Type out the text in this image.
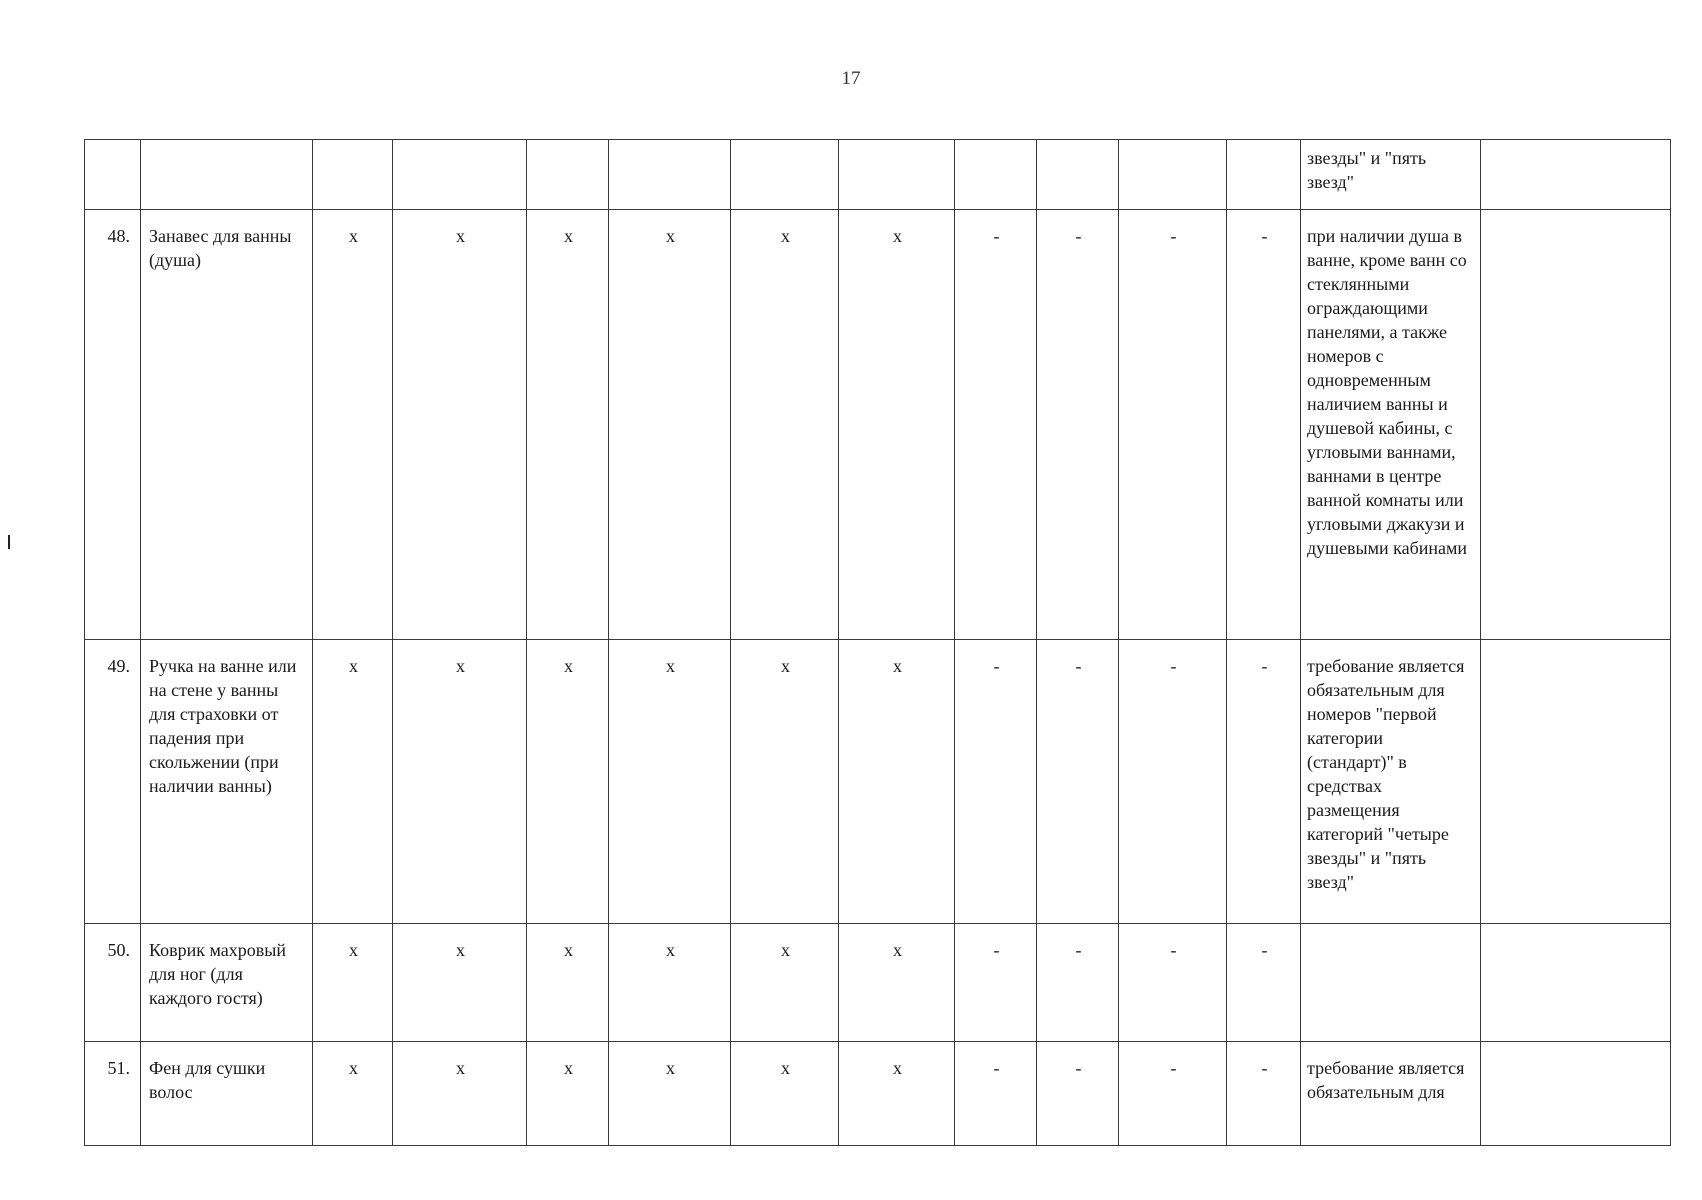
17
												звезды" и "пять звезд"	
48.	Занавес для ванны (душа)	x	x	x	x	x	x	-	-	-	-	при наличии душа в ванне, кроме ванн со стеклянными ограждающими панелями, а также номеров с одновременным наличием ванны и душевой кабины, с угловыми ваннами, ваннами в центре ванной комнаты или угловыми джакузи и душевыми кабинами	
49.	Ручка на ванне или на стене у ванны для страховки от падения при скольжении (при наличии ванны)	x	x	x	x	x	x	-	-	-	-	требование является обязательным для номеров "первой категории (стандарт)" в средствах размещения категорий "четыре звезды" и "пять звезд"	
50.	Коврик махровый для ног (для каждого гостя)	x	x	x	x	x	x	-	-	-	-		
51.	Фен для сушки волос	x	x	x	x	x	x	-	-	-	-	требование является обязательным для	
